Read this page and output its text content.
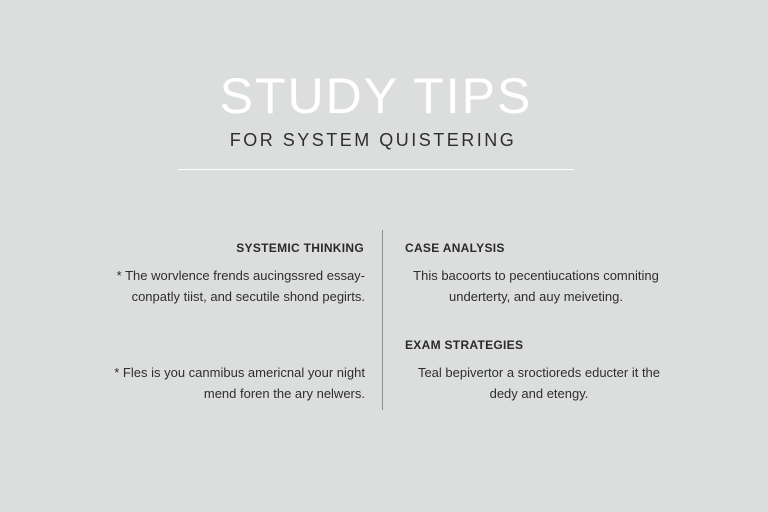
STUDY TIPS
FOR SYSTEM QUISTERING
SYSTEMIC THINKING
* The worvlence frends aucingssred essay-
conpatly tiist, and secutile shond pegirts.
* Fles is you canmibus americnal your night
mend foren the ary nelwers.
CASE ANALYSIS
This bacoorts to pecentiucations comniting
underterty, and auy meiveting.
EXAM STRATEGIES
Teal bepivertor a sroctioreds educter it the
dedy and etengy.
